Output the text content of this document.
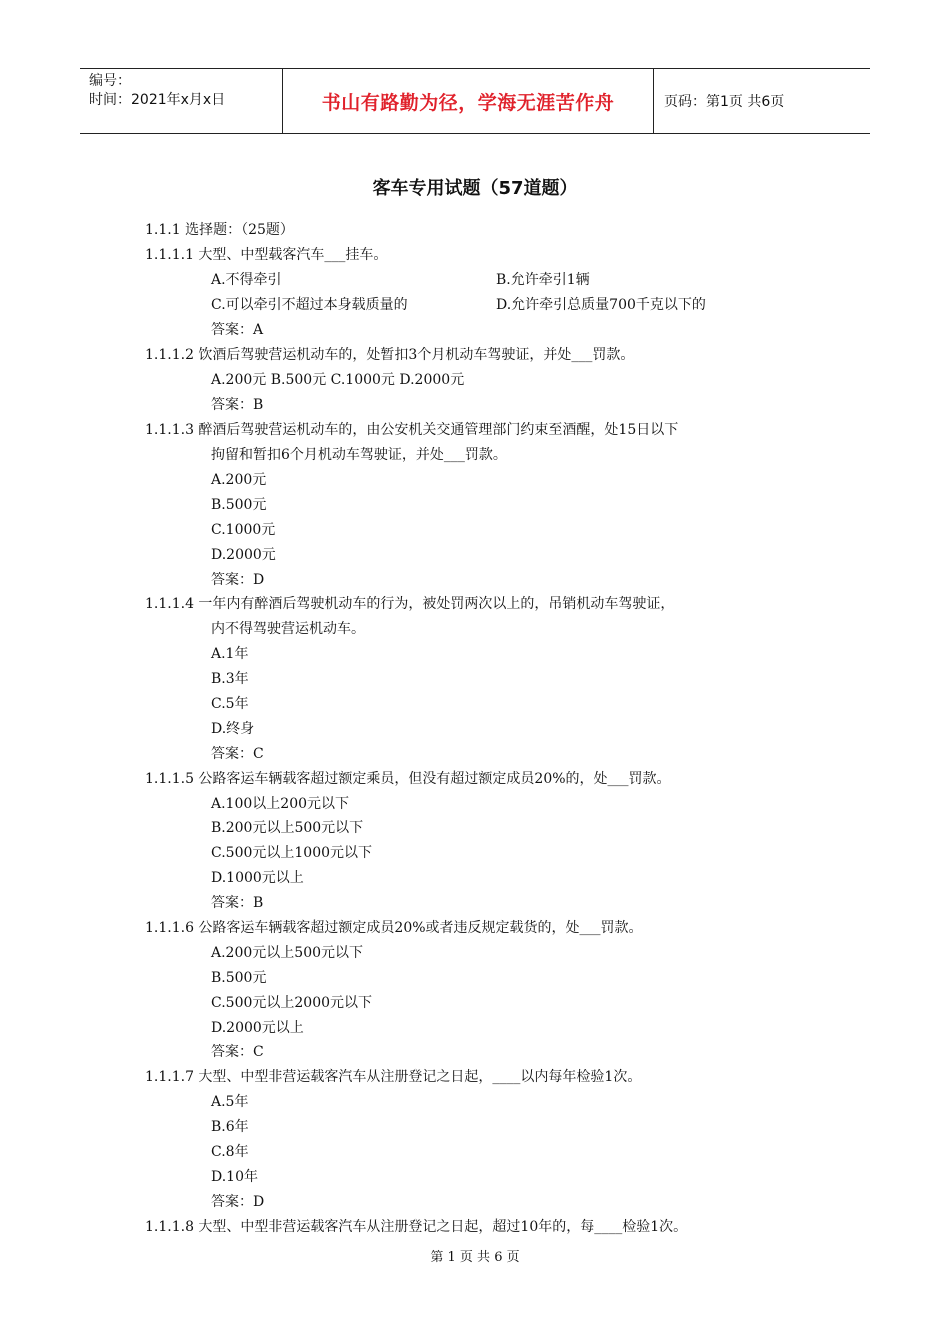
编号：
时间：2021年x月x日	书山有路勤为径，学海无涯苦作舟	页码：第1页 共6页
客车专用试题（57道题）
1.1.1 选择题：（25题）
1.1.1.1 大型、中型载客汽车___挂车。
A.不得牵引	B.允许牵引1辆
C.可以牵引不超过本身载质量的	D.允许牵引总质量700千克以下的
答案：A
1.1.1.2 饮酒后驾驶营运机动车的，处暂扣3个月机动车驾驶证，并处___罚款。
A.200元 B.500元 C.1000元 D.2000元
答案：B
1.1.1.3 醉酒后驾驶营运机动车的，由公安机关交通管理部门约束至酒醒，处15日以下
拘留和暂扣6个月机动车驾驶证，并处___罚款。
A.200元
B.500元
C.1000元
D.2000元
答案：D
1.1.1.4 一年内有醉酒后驾驶机动车的行为，被处罚两次以上的，吊销机动车驾驶证，
内不得驾驶营运机动车。
A.1年
B.3年
C.5年
D.终身
答案：C
1.1.1.5 公路客运车辆载客超过额定乘员，但没有超过额定成员20%的，处___罚款。
A.100以上200元以下
B.200元以上500元以下
C.500元以上1000元以下
D.1000元以上
答案：B
1.1.1.6 公路客运车辆载客超过额定成员20%或者违反规定载货的，处___罚款。
A.200元以上500元以下
B.500元
C.500元以上2000元以下
D.2000元以上
答案：C
1.1.1.7 大型、中型非营运载客汽车从注册登记之日起，____以内每年检验1次。
A.5年
B.6年
C.8年
D.10年
答案：D
1.1.1.8 大型、中型非营运载客汽车从注册登记之日起，超过10年的，每____检验1次。
第 1 页 共 6 页
